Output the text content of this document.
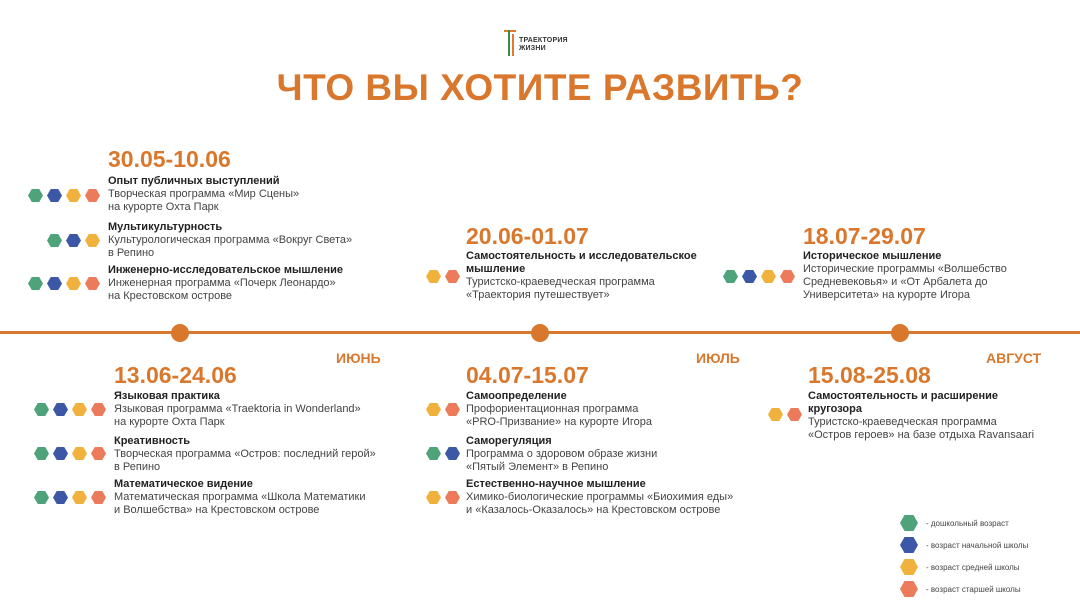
ТРАЕКТОРИЯ ЖИЗНИ
ЧТО ВЫ ХОТИТЕ РАЗВИТЬ?
ИЮНЬ	ИЮЛЬ	АВГУСТ
30.05-10.06
Опыт публичных выступлений
Творческая программа «Мир Сцены»
на курорте Охта Парк
Мультикультурность
Культурологическая программа «Вокруг Света»
в Репино
Инженерно-исследовательское мышление
Инженерная программа «Почерк Леонардо»
на Крестовском острове
20.06-01.07
Самостоятельность и исследовательское
мышление
Туристско-краеведческая программа
«Траектория путешествует»
18.07-29.07
Историческое мышление
Исторические программы «Волшебство
Средневековья» и «От Арбалета до
Университета» на курорте Игора
13.06-24.06
Языковая практика
Языковая программа «Traektoria in Wonderland»
на курорте Охта Парк
Креативность
Творческая программа «Остров: последний герой»
в Репино
Математическое видение
Математическая программа «Школа Математики
и Волшебства» на Крестовском острове
04.07-15.07
Самоопределение
Профориентационная программа
«PRO-Призвание» на курорте Игора
Саморегуляция
Программа о здоровом образе жизни
«Пятый Элемент» в Репино
Естественно-научное мышление
Химико-биологические программы «Биохимия еды»
и «Казалось-Оказалось» на Крестовском острове
15.08-25.08
Самостоятельность и расширение
кругозора
Туристско-краеведческая программа
«Остров героев» на базе отдыха Ravansaari
- дошкольный возраст
- возраст начальной школы
- возраст средней школы
- возраст старшей школы
